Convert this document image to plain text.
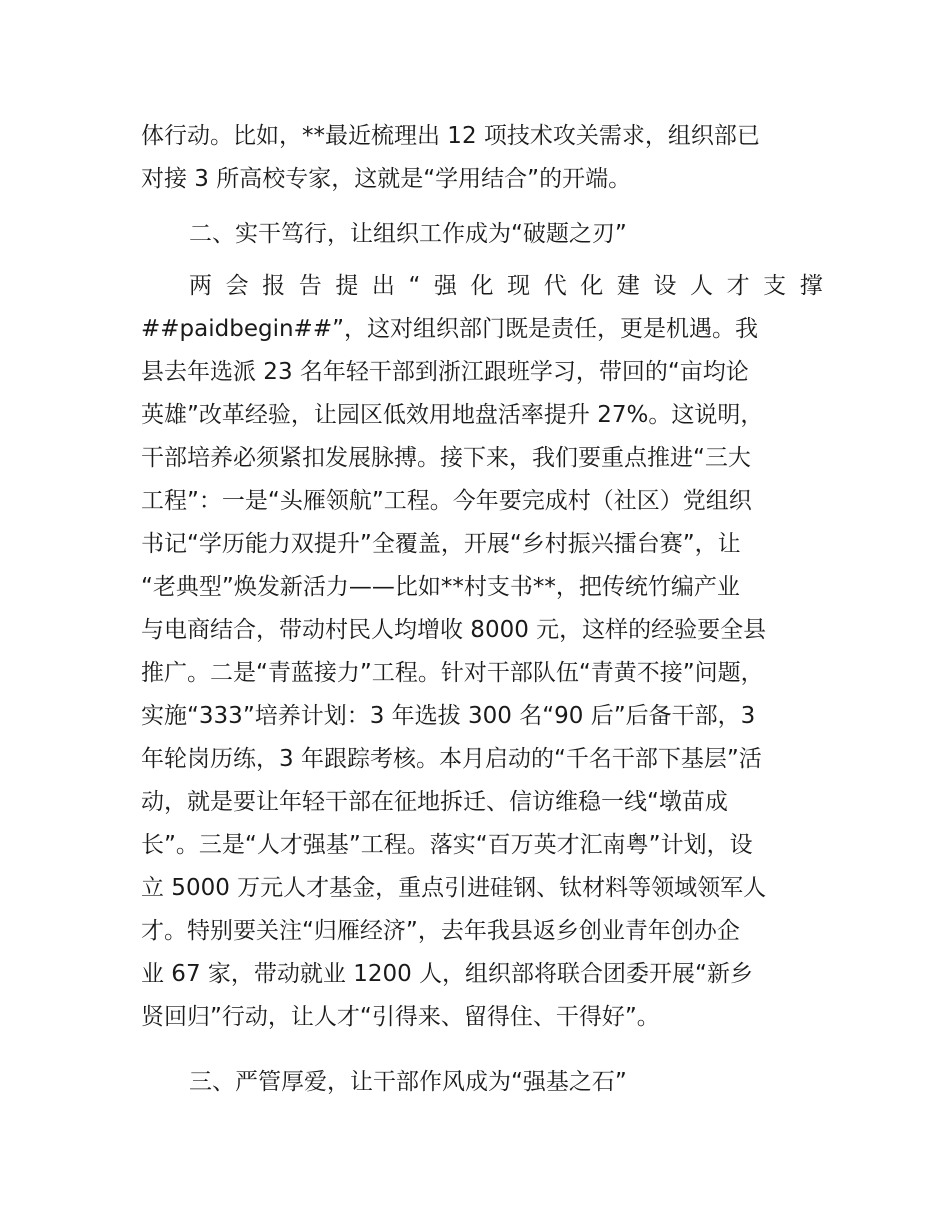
体行动。比如，**最近梳理出 12 项技术攻关需求，组织部已
对接 3 所高校专家，这就是“学用结合”的开端。
二、实干笃行，让组织工作成为“破题之刃”
两 会 报 告 提 出 “ 强 化 现 代 化 建 设 人 才 支 撑
##paidbegin##”，这对组织部门既是责任，更是机遇。我
县去年选派 23 名年轻干部到浙江跟班学习，带回的“亩均论
英雄”改革经验，让园区低效用地盘活率提升 27%。这说明，
干部培养必须紧扣发展脉搏。接下来，我们要重点推进“三大
工程”：一是“头雁领航”工程。今年要完成村（社区）党组织
书记“学历能力双提升”全覆盖，开展“乡村振兴擂台赛”，让
“老典型”焕发新活力——比如**村支书**，把传统竹编产业
与电商结合，带动村民人均增收 8000 元，这样的经验要全县
推广。二是“青蓝接力”工程。针对干部队伍“青黄不接”问题，
实施“333”培养计划：3 年选拔 300 名“90 后”后备干部，3
年轮岗历练，3 年跟踪考核。本月启动的“千名干部下基层”活
动，就是要让年轻干部在征地拆迁、信访维稳一线“墩苗成
长”。三是“人才强基”工程。落实“百万英才汇南粤”计划，设
立 5000 万元人才基金，重点引进硅钢、钛材料等领域领军人
才。特别要关注“归雁经济”，去年我县返乡创业青年创办企
业 67 家，带动就业 1200 人，组织部将联合团委开展“新乡
贤回归”行动，让人才“引得来、留得住、干得好”。
三、严管厚爱，让干部作风成为“强基之石”
